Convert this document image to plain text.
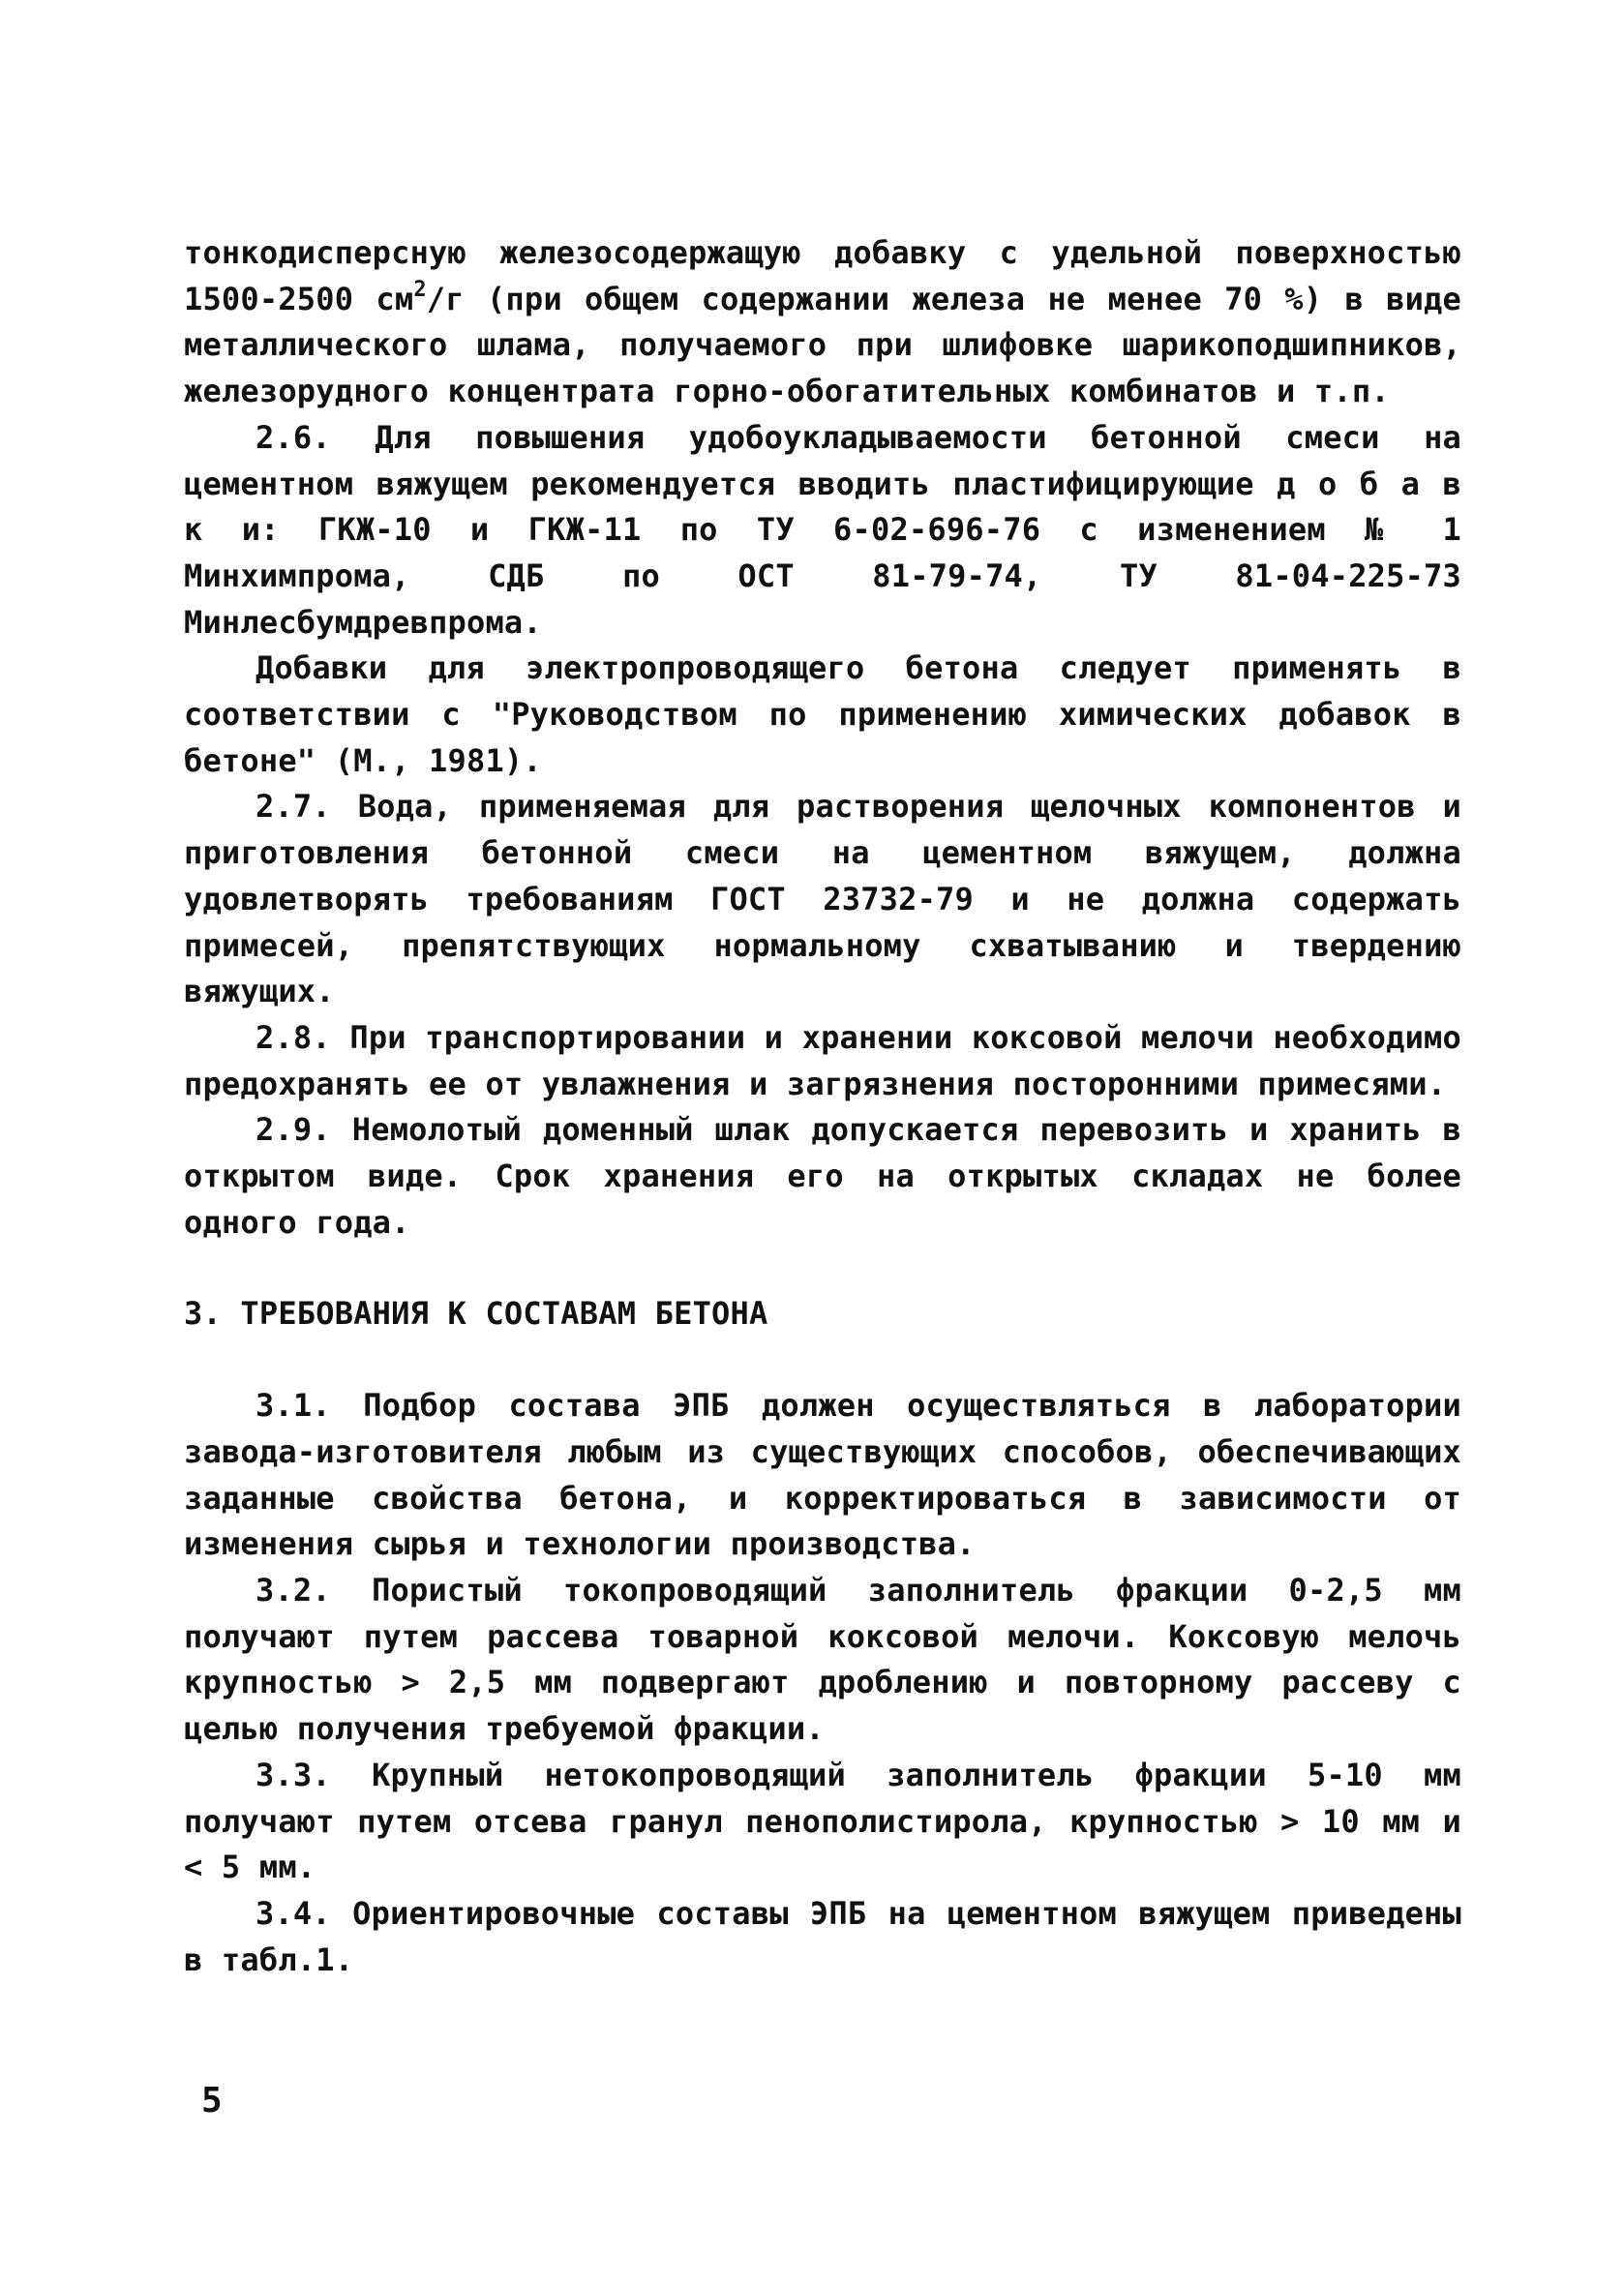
тонкодисперсную железосодержащую добавку с удельной поверхностью 1500-2500 $см^2/г$ (при общем содержании железа не менее 70 %) в виде металлического шлама, получаемого при шлифовке шарикоподшипников, железорудного концентрата горно-обогатительных комбинатов и т.п.

2.6. Для повышения удобоукладываемости бетонной смеси на цементном вяжущем рекомендуется вводить пластифицирующие д о б а в к и: ГКЖ-10 и ГКЖ-11 по ТУ 6-02-696-76 с изменением № 1 Минхимпрома, СДБ по ОСТ 81-79-74, ТУ 81-04-225-73 Минлесбумдревпрома.

Добавки для электропроводящего бетона следует применять в соответствии с "Руководством по применению химических добавок в бетоне" (М., 1981).

2.7. Вода, применяемая для растворения щелочных компонентов и приготовления бетонной смеси на цементном вяжущем, должна удовлетворять требованиям ГОСТ 23732-79 и не должна содержать примесей, препятствующих нормальному схватыванию и твердению вяжущих.

2.8. При транспортировании и хранении коксовой мелочи необходимо предохранять ее от увлажнения и загрязнения посторонними примесями.

2.9. Немолотый доменный шлак допускается перевозить и хранить в открытом виде. Срок хранения его на открытых складах не более одного года.

3. ТРЕБОВАНИЯ К СОСТАВАМ БЕТОНА

3.1. Подбор состава ЭПБ должен осуществляться в лаборатории завода-изготовителя любым из существующих способов, обеспечивающих заданные свойства бетона, и корректироваться в зависимости от изменения сырья и технологии производства.

3.2. Пористый токопроводящий заполнитель фракции 0-2,5 мм получают путем рассева товарной коксовой мелочи. Коксовую мелочь крупностью > 2,5 мм подвергают дроблению и повторному рассеву с целью получения требуемой фракции.

3.3. Крупный нетокопроводящий заполнитель фракции 5-10 мм получают путем отсева гранул пенополистирола, крупностью > 10 мм и < 5 мм.

3.4. Ориентировочные составы ЭПБ на цементном вяжущем приведены в табл.1.

5
